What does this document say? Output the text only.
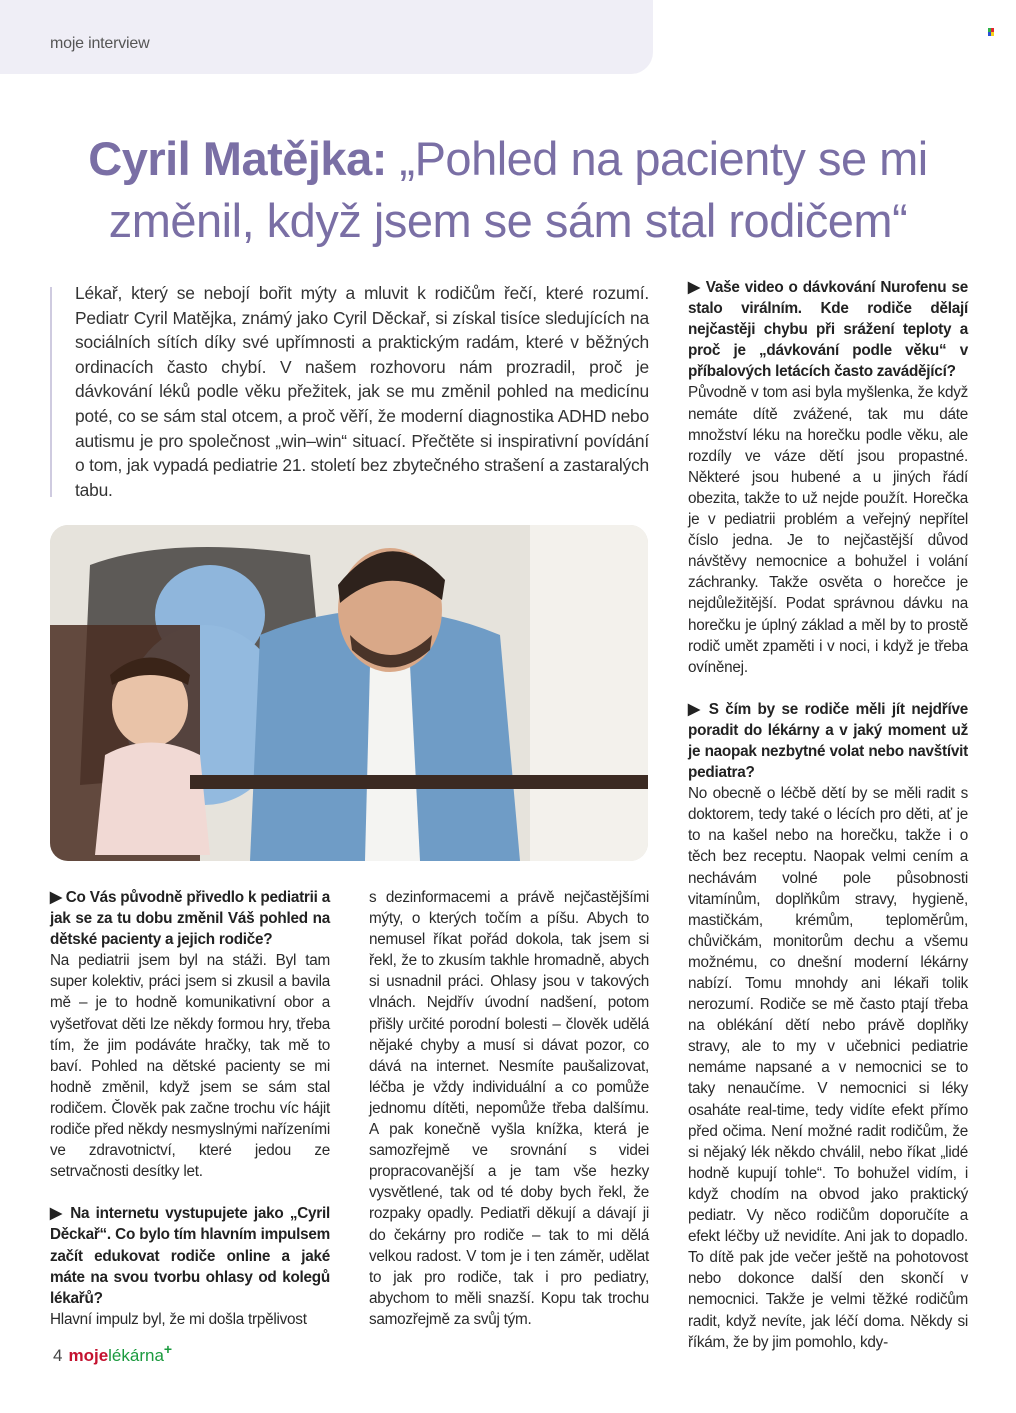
moje interview
Cyril Matějka: „Pohled na pacienty se mi změnil, když jsem se sám stal rodičem“

Lékař, který se nebojí bořit mýty a mluvit k rodičům řečí, které rozumí. Pediatr Cyril Matějka, známý jako Cyril Děckař, si získal tisíce sledujících na sociálních sítích díky své upřímnosti a praktickým radám, které v běžných ordinacích často chybí. V našem rozhovoru nám prozradil, proč je dávkování léků podle věku přežitek, jak se mu změnil pohled na medicínu poté, co se sám stal otcem, a proč věří, že moderní diagnostika ADHD nebo autismu je pro společnost „win–win“ situací. Přečtěte si inspirativní povídání o tom, jak vypadá pediatrie 21. století bez zbytečného strašení a zastaralých tabu.

▶ Co Vás původně přivedlo k pediatrii a jak se za tu dobu změnil Váš pohled na dětské pacienty a jejich rodiče?

Na pediatrii jsem byl na stáži. Byl tam super kolektiv, práci jsem si zkusil a bavila mě – je to hodně komunikativní obor a vyšetřovat děti lze někdy formou hry, třeba tím, že jim podáváte hračky, tak mě to baví. Pohled na dětské pacienty se mi hodně změnil, když jsem se sám stal rodičem. Člověk pak začne trochu víc hájit rodiče před někdy nesmyslnými nařízeními ve zdravotnictví, které jedou ze setrvačnosti desítky let.

▶ Na internetu vystupujete jako „Cyril Děckař“. Co bylo tím hlavním impulsem začít edukovat rodiče online a jaké máte na svou tvorbu ohlasy od kolegů lékařů?

Hlavní impulz byl, že mi došla trpělivost

s dezinformacemi a právě nejčastějšími mýty, o kterých točím a píšu. Abych to nemusel říkat pořád dokola, tak jsem si řekl, že to zkusím takhle hromadně, abych si usnadnil práci. Ohlasy jsou v takových vlnách. Nejdřív úvodní nadšení, potom přišly určité porodní bolesti – člověk udělá nějaké chyby a musí si dávat pozor, co dává na internet. Nesmíte paušalizovat, léčba je vždy individuální a co pomůže jednomu dítěti, nepomůže třeba dalšímu. A pak konečně vyšla knížka, která je samozřejmě ve srovnání s videi propracovanější a je tam vše hezky vysvětlené, tak od té doby bych řekl, že rozpaky opadly. Pediatři děkují a dávají ji do čekárny pro rodiče – tak to mi dělá velkou radost. V tom je i ten záměr, udělat to jak pro rodiče, tak i pro pediatry, abychom to měli snazší. Kopu tak trochu samozřejmě za svůj tým.

▶ Vaše video o dávkování Nurofenu se stalo virálním. Kde rodiče dělají nejčastěji chybu při srážení teploty a proč je „dávkování podle věku“ v příbalových letácích často zavádějící?

Původně v tom asi byla myšlenka, že když nemáte dítě zvážené, tak mu dáte množství léku na horečku podle věku, ale rozdíly ve váze dětí jsou propastné. Některé jsou hubené a u jiných řádí obezita, takže to už nejde použít. Horečka je v pediatrii problém a veřejný nepřítel číslo jedna. Je to nejčastější důvod návštěvy nemocnice a bohužel i volání záchranky. Takže osvěta o horečce je nejdůležitější. Podat správnou dávku na horečku je úplný základ a měl by to prostě rodič umět zpaměti i v noci, i když je třeba ovíněnej.

▶ S čím by se rodiče měli jít nejdříve poradit do lékárny a v jaký moment už je naopak nezbytné volat nebo navštívit pediatra?

No obecně o léčbě dětí by se měli radit s doktorem, tedy také o lécích pro děti, ať je to na kašel nebo na horečku, takže i o těch bez receptu. Naopak velmi cením a nechávám volné pole působnosti vitamínům, doplňkům stravy, hygieně, mastičkám, krémům, teploměrům, chůvičkám, monitorům dechu a všemu možnému, co dnešní moderní lékárny nabízí. Tomu mnohdy ani lékaři tolik nerozumí. Rodiče se mě často ptají třeba na oblékání dětí nebo právě doplňky stravy, ale to my v učebnici pediatrie nemáme napsané a v nemocnici se to taky nenaučíme. V nemocnici si léky osaháte real-time, tedy vidíte efekt přímo před očima. Není možné radit rodičům, že si nějaký lék někdo chválil, nebo říkat „lidé hodně kupují tohle“. To bohužel vidím, i když chodím na obvod jako praktický pediatr. Vy něco rodičům doporučíte a efekt léčby už nevidíte. Ani jak to dopadlo. To dítě pak jde večer ještě na pohotovost nebo dokonce další den skončí v nemocnici. Takže je velmi těžké rodičům radit, když nevíte, jak léčí doma. Někdy si říkám, že by jim pomohlo, kdy-

4 mojelékárna+
